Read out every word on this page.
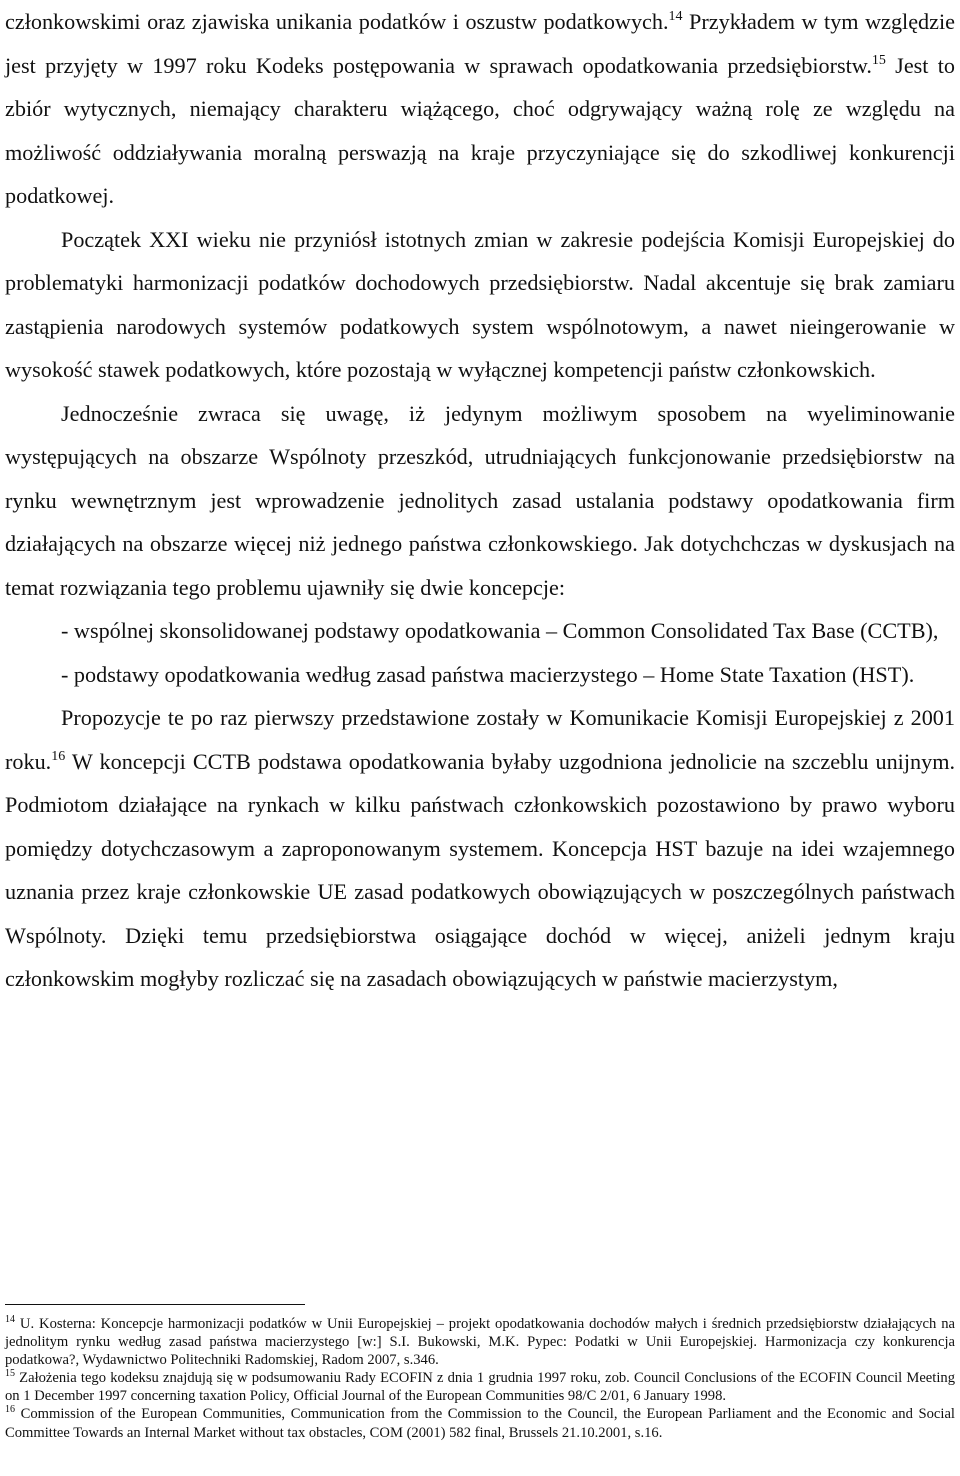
członkowskimi oraz zjawiska unikania podatków i oszustw podatkowych.$^{14}$ Przykładem w tym względzie jest przyjęty w 1997 roku Kodeks postępowania w sprawach opodatkowania przedsiębiorstw.$^{15}$ Jest to zbiór wytycznych, niemający charakteru wiążącego, choć odgrywający ważną rolę ze względu na możliwość oddziaływania moralną perswazją na kraje przyczyniające się do szkodliwej konkurencji podatkowej.

Początek XXI wieku nie przyniósł istotnych zmian w zakresie podejścia Komisji Europejskiej do problematyki harmonizacji podatków dochodowych przedsiębiorstw. Nadal akcentuje się brak zamiaru zastąpienia narodowych systemów podatkowych system wspólnotowym, a nawet nieingerowanie w wysokość stawek podatkowych, które pozostają w wyłącznej kompetencji państw członkowskich.

Jednocześnie zwraca się uwagę, iż jedynym możliwym sposobem na wyeliminowanie występujących na obszarze Wspólnoty przeszkód, utrudniających funkcjonowanie przedsiębiorstw na rynku wewnętrznym jest wprowadzenie jednolitych zasad ustalania podstawy opodatkowania firm działających na obszarze więcej niż jednego państwa członkowskiego. Jak dotychchczas w dyskusjach na temat rozwiązania tego problemu ujawniły się dwie koncepcje:

- wspólnej skonsolidowanej podstawy opodatkowania – Common Consolidated Tax Base (CCTB),

- podstawy opodatkowania według zasad państwa macierzystego – Home State Taxation (HST).

Propozycje te po raz pierwszy przedstawione zostały w Komunikacie Komisji Europejskiej z 2001 roku.$^{16}$ W koncepcji CCTB podstawa opodatkowania byłaby uzgodniona jednolicie na szczeblu unijnym. Podmiotom działające na rynkach w kilku państwach członkowskich pozostawiono by prawo wyboru pomiędzy dotychczasowym a zaproponowanym systemem. Koncepcja HST bazuje na idei wzajemnego uznania przez kraje członkowskie UE zasad podatkowych obowiązujących w poszczególnych państwach Wspólnoty. Dzięki temu przedsiębiorstwa osiągające dochód w więcej, aniżeli jednym kraju członkowskim mogłyby rozliczać się na zasadach obowiązujących w państwie macierzystym,

$^{14}$ U. Kosterna: Koncepcje harmonizacji podatków w Unii Europejskiej – projekt opodatkowania dochodów małych i średnich przedsiębiorstw działających na jednolitym rynku według zasad państwa macierzystego [w:] S.I. Bukowski, M.K. Pypec: Podatki w Unii Europejskiej. Harmonizacja czy konkurencja podatkowa?, Wydawnictwo Politechniki Radomskiej, Radom 2007, s.346.

$^{15}$ Założenia tego kodeksu znajdują się w podsumowaniu Rady ECOFIN z dnia 1 grudnia 1997 roku, zob. Council Conclusions of the ECOFIN Council Meeting on 1 December 1997 concerning taxation Policy, Official Journal of the European Communities 98/C 2/01, 6 January 1998.

$^{16}$ Commission of the European Communities, Communication from the Commission to the Council, the European Parliament and the Economic and Social Committee Towards an Internal Market without tax obstacles, COM (2001) 582 final, Brussels 21.10.2001, s.16.
